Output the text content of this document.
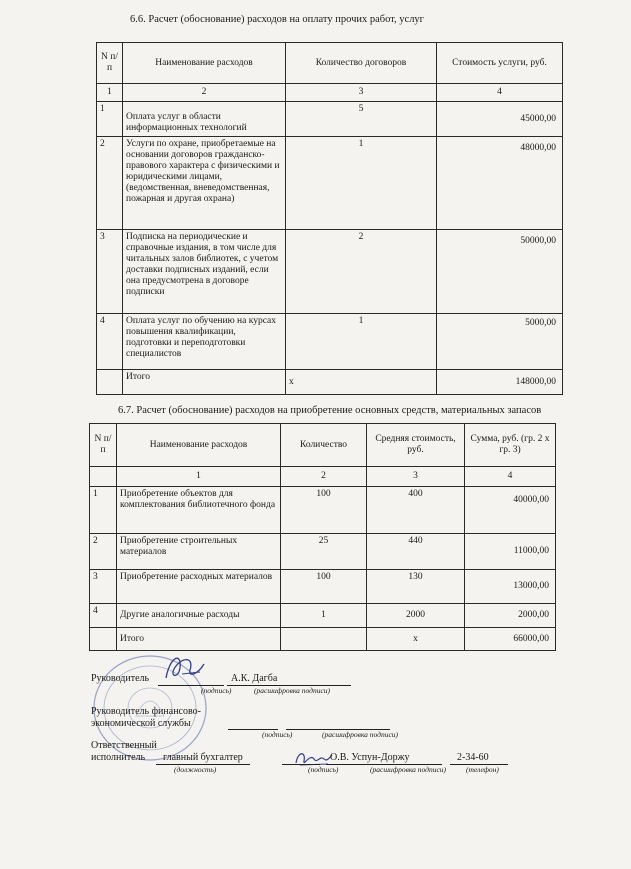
6.6. Расчет (обоснование) расходов на оплату прочих работ, услуг
N п/п	Наименование расходов	Количество договоров	Стоимость услуги, руб.
1	2	3	4
1	Оплата услуг в области информационных технологий	5	45000,00
2	Услуги по охране, приобретаемые на основании договоров гражданско-правового характера с физическими и юридическими лицами, (ведомственная, вневедомственная, пожарная и другая охрана)	1	48000,00
3	Подписка на периодические и справочные издания, в том числе для читальных залов библиотек, с учетом доставки подписных изданий, если она предусмотрена в договоре подписки	2	50000,00
4	Оплата услуг по обучению на курсах повышения квалификации, подготовки и переподготовки специалистов	1	5000,00
	Итого	х	148000,00
6.7. Расчет (обоснование) расходов на приобретение основных средств, материальных запасов
N п/п	Наименование расходов	Количество	Средняя стоимость, руб.	Сумма, руб. (гр. 2 х гр. 3)
	1	2	3	4
1	Приобретение объектов для комплектования библиотечного фонда	100	400	40000,00
2	Приобретение строительных материалов	25	440	11000,00
3	Приобретение расходных материалов	100	130	13000,00
4	Другие аналогичные расходы	1	2000	2000,00
	Итого		х	66000,00
Руководитель	А.К. Дагба
(подпись)	(расшифровка подписи)
Руководитель финансово-
экономической службы
(подпись)	(расшифровка подписи)
Ответственный
исполнитель главный бухгалтер	О.В. Успун-Доржу	2-34-60
(должность)	(подпись)	(расшифровка подписи)	(телефон)
